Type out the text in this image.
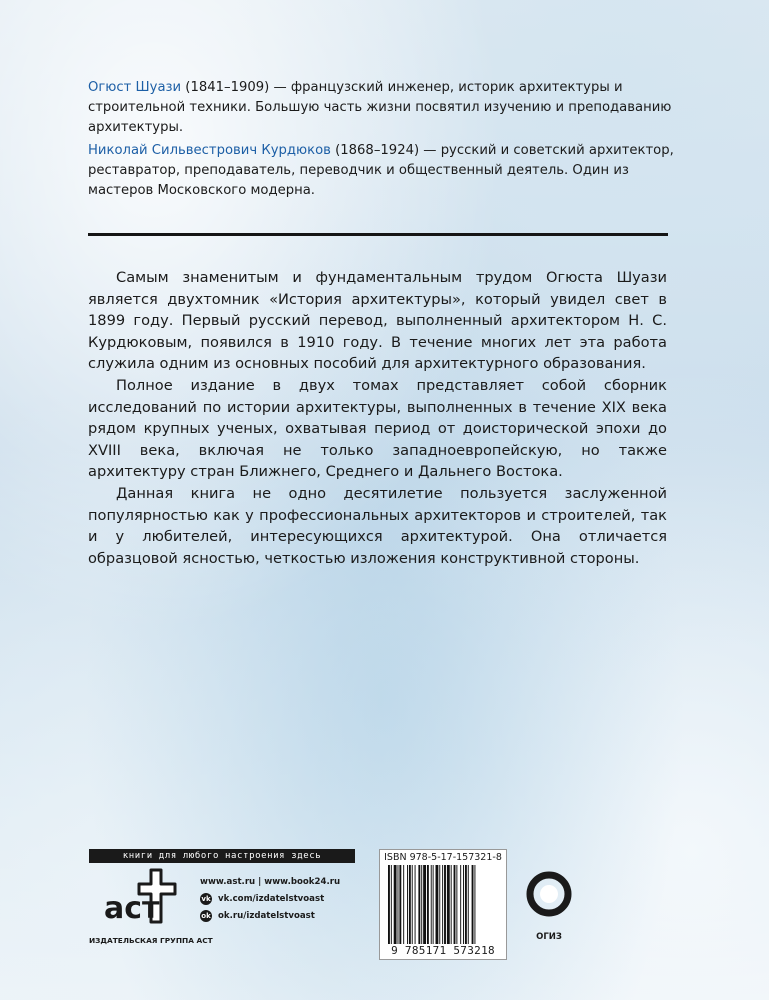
Огюст Шуази (1841–1909) — французский инженер, историк архитектуры и строительной техники. Большую часть жизни посвятил изучению и преподаванию архитектуры.
Николай Сильвестрович Курдюков (1868–1924) — русский и советский архитектор, реставратор, преподаватель, переводчик и общественный деятель. Один из мастеров Московского модерна.

Самым знаменитым и фундаментальным трудом Огюста Шуази является двухтомник «История архитектуры», который увидел свет в 1899 году. Первый русский перевод, выполненный архитектором Н. С. Курдюковым, появился в 1910 году. В течение многих лет эта работа служила одним из основных пособий для архитектурного образования.

Полное издание в двух томах представляет собой сборник исследований по истории архитектуры, выполненных в течение XIX века рядом крупных ученых, охватывая период от доисторической эпохи до XVIII века, включая не только западноевропейскую, но также архитектуру стран Ближнего, Среднего и Дальнего Востока.

Данная книга не одно десятилетие пользуется заслуженной популярностью как у профессиональных архитекторов и строителей, так и у любителей, интересующихся архитектурой. Она отличается образцовой ясностью, четкостью изложения конструктивной стороны.

книги для любого настроения здесь
аст
ИЗДАТЕЛЬСКАЯ ГРУППА АСТ
www.ast.ru | www.book24.ru
vk vk.com/izdatelstvoast
ok ok.ru/izdatelstvoast
ISBN 978-5-17-157321-8
9 785171 573218
ОГИЗ
